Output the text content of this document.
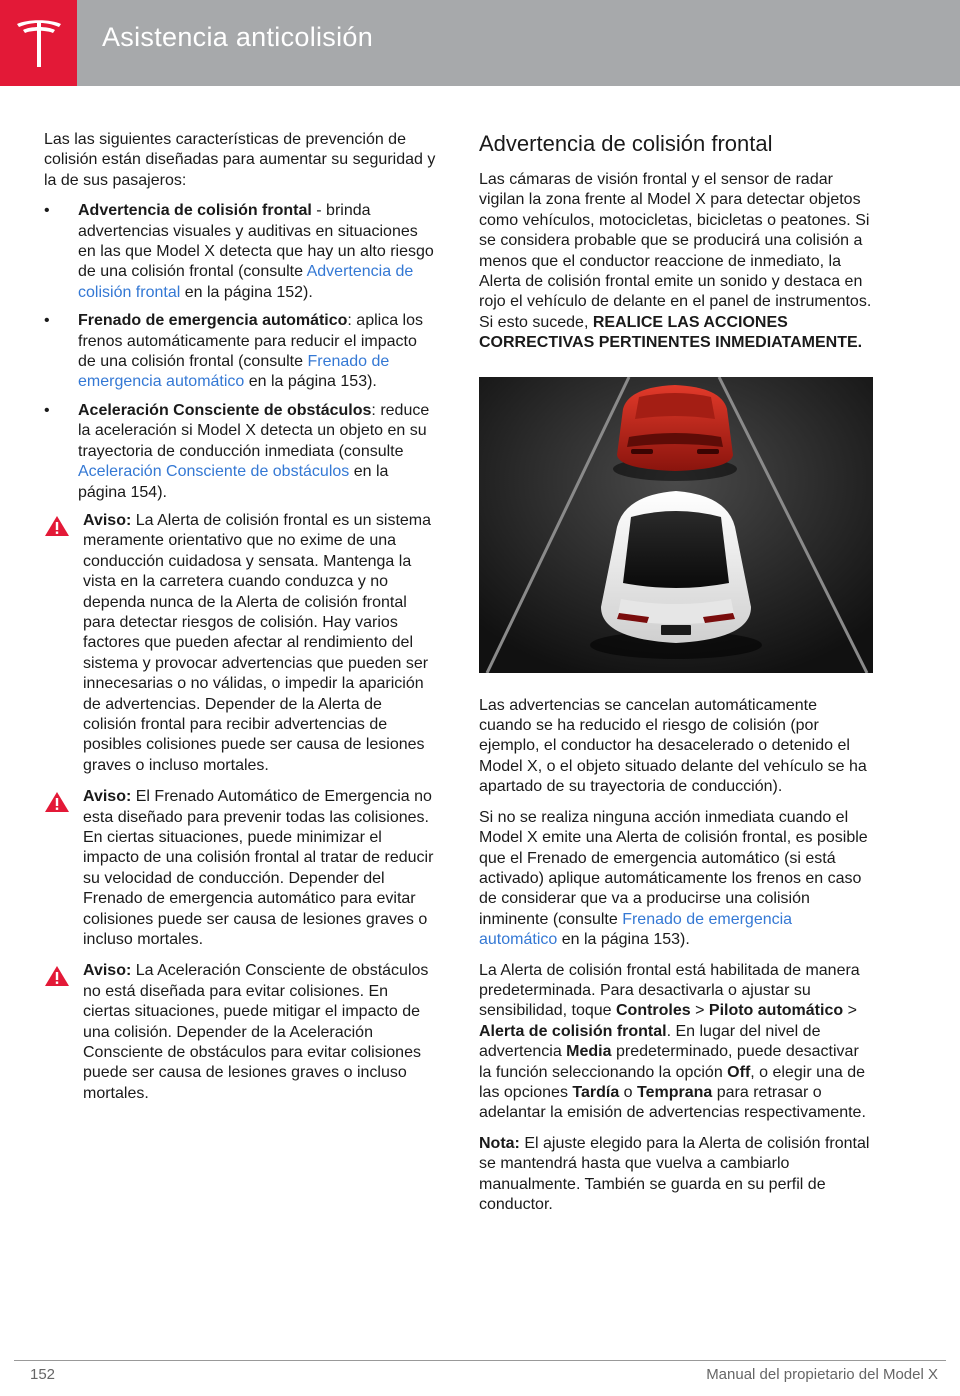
Asistencia anticolisión

Las las siguientes características de prevención de colisión están diseñadas para aumentar su seguridad y la de sus pasajeros:

• Advertencia de colisión frontal - brinda advertencias visuales y auditivas en situaciones en las que Model X detecta que hay un alto riesgo de una colisión frontal (consulte Advertencia de colisión frontal en la página 152).
• Frenado de emergencia automático: aplica los frenos automáticamente para reducir el impacto de una colisión frontal (consulte Frenado de emergencia automático en la página 153).
• Aceleración Consciente de obstáculos: reduce la aceleración si Model X detecta un objeto en su trayectoria de conducción inmediata (consulte Aceleración Consciente de obstáculos en la página 154).
Aviso: La Alerta de colisión frontal es un sistema meramente orientativo que no exime de una conducción cuidadosa y sensata. Mantenga la vista en la carretera cuando conduzca y no dependa nunca de la Alerta de colisión frontal para detectar riesgos de colisión. Hay varios factores que pueden afectar al rendimiento del sistema y provocar advertencias que pueden ser innecesarias o no válidas, o impedir la aparición de advertencias. Depender de la Alerta de colisión frontal para recibir advertencias de posibles colisiones puede ser causa de lesiones graves o incluso mortales.
Aviso: El Frenado Automático de Emergencia no esta diseñado para prevenir todas las colisiones. En ciertas situaciones, puede minimizar el impacto de una colisión frontal al tratar de reducir su velocidad de conducción. Depender del Frenado de emergencia automático para evitar colisiones puede ser causa de lesiones graves o incluso mortales.
Aviso: La Aceleración Consciente de obstáculos no está diseñada para evitar colisiones. En ciertas situaciones, puede mitigar el impacto de una colisión. Depender de la Aceleración Consciente de obstáculos para evitar colisiones puede ser causa de lesiones graves o incluso mortales.
Advertencia de colisión frontal

Las cámaras de visión frontal y el sensor de radar vigilan la zona frente al Model X para detectar objetos como vehículos, motocicletas, bicicletas o peatones. Si se considera probable que se producirá una colisión a menos que el conductor reaccione de inmediato, la Alerta de colisión frontal emite un sonido y destaca en rojo el vehículo de delante en el panel de instrumentos. Si esto sucede, REALICE LAS ACCIONES CORRECTIVAS PERTINENTES INMEDIATAMENTE.

Las advertencias se cancelan automáticamente cuando se ha reducido el riesgo de colisión (por ejemplo, el conductor ha desacelerado o detenido el Model X, o el objeto situado delante del vehículo se ha apartado de su trayectoria de conducción).

Si no se realiza ninguna acción inmediata cuando el Model X emite una Alerta de colisión frontal, es posible que el Frenado de emergencia automático (si está activado) aplique automáticamente los frenos en caso de considerar que va a producirse una colisión inminente (consulte Frenado de emergencia automático en la página 153).

La Alerta de colisión frontal está habilitada de manera predeterminada. Para desactivarla o ajustar su sensibilidad, toque Controles > Piloto automático > Alerta de colisión frontal. En lugar del nivel de advertencia Media predeterminado, puede desactivar la función seleccionando la opción Off, o elegir una de las opciones Tardía o Temprana para retrasar o adelantar la emisión de advertencias respectivamente.

Nota: El ajuste elegido para la Alerta de colisión frontal se mantendrá hasta que vuelva a cambiarlo manualmente. También se guarda en su perfil de conductor.

152	Manual del propietario del Model X
